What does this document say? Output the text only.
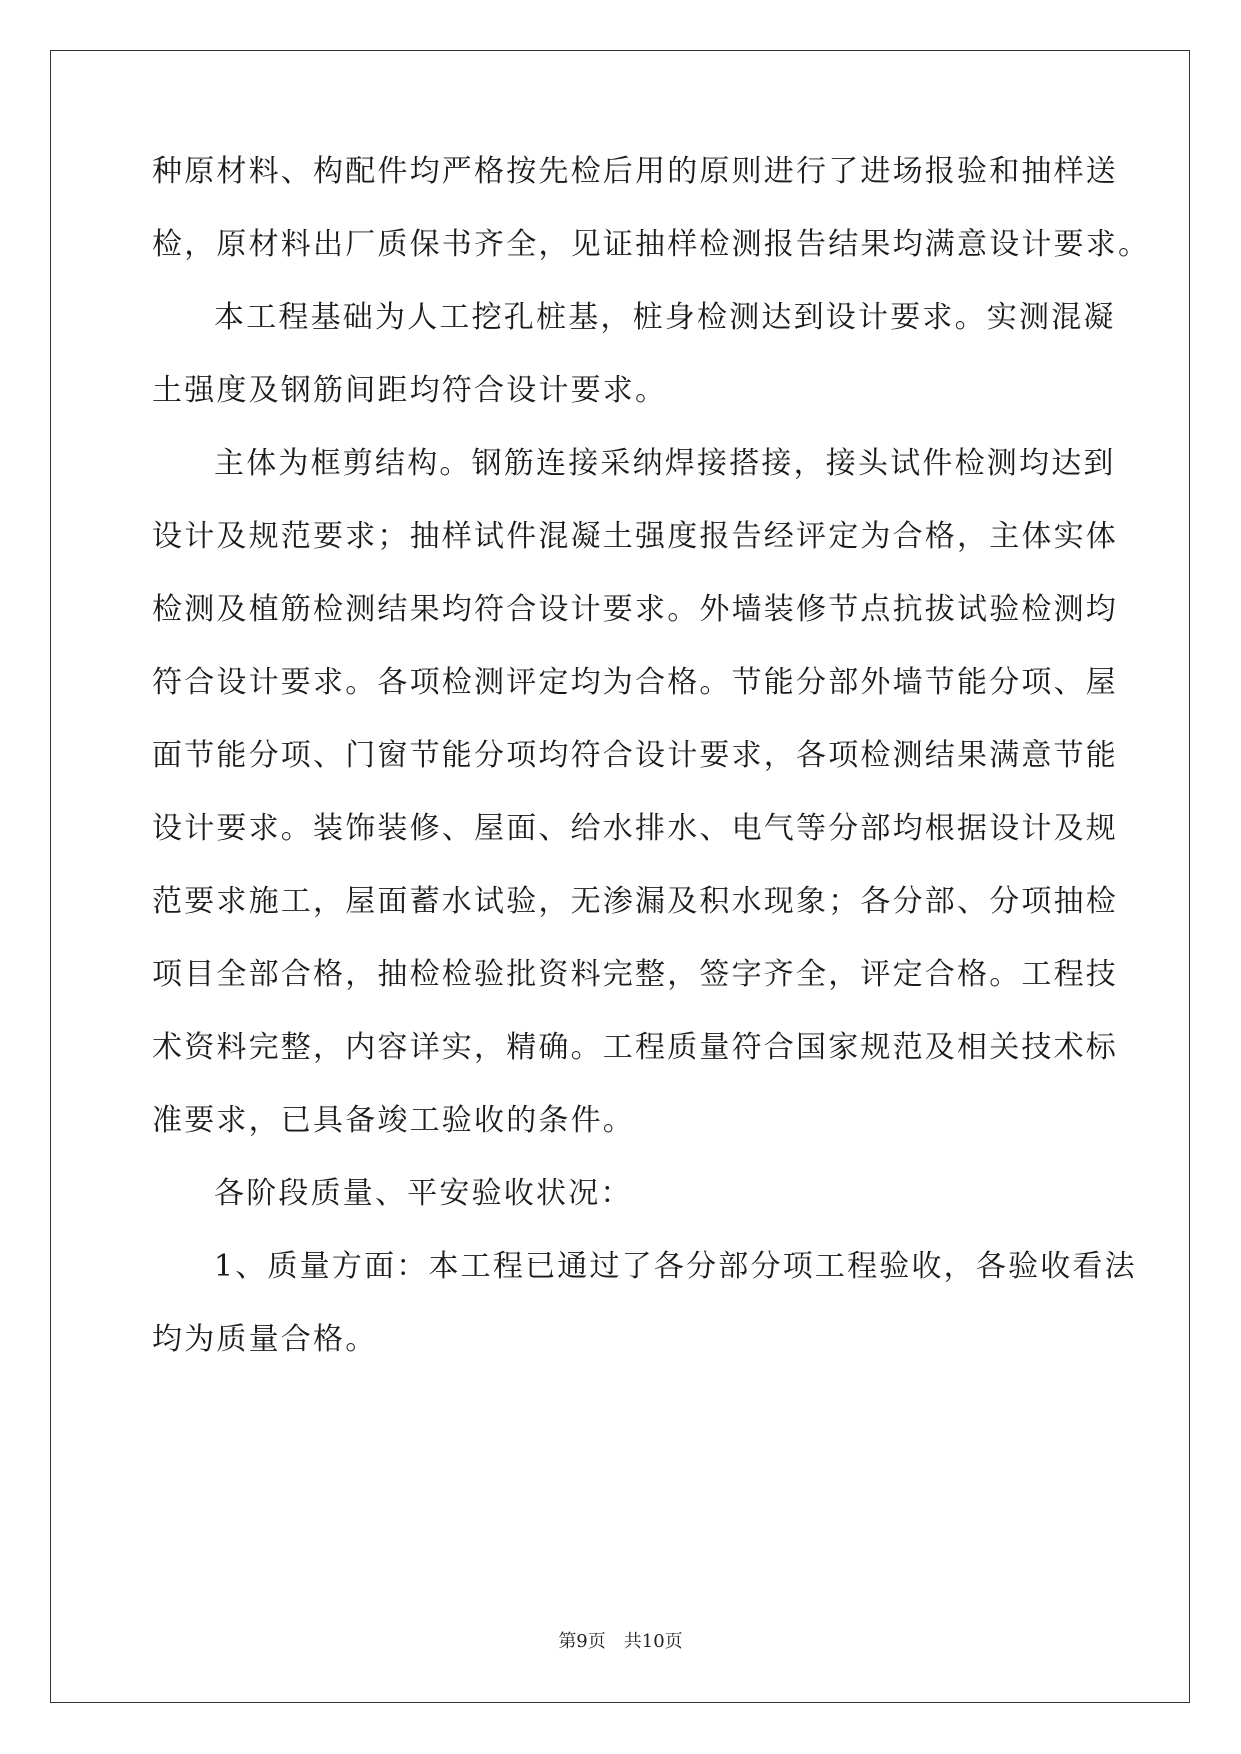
种原材料、构配件均严格按先检后用的原则进行了进场报验和抽样送

检，原材料出厂质保书齐全，见证抽样检测报告结果均满意设计要求。

本工程基础为人工挖孔桩基，桩身检测达到设计要求。实测混凝

土强度及钢筋间距均符合设计要求。

主体为框剪结构。钢筋连接采纳焊接搭接，接头试件检测均达到

设计及规范要求；抽样试件混凝土强度报告经评定为合格，主体实体

检测及植筋检测结果均符合设计要求。外墙装修节点抗拔试验检测均

符合设计要求。各项检测评定均为合格。节能分部外墙节能分项、屋

面节能分项、门窗节能分项均符合设计要求，各项检测结果满意节能

设计要求。装饰装修、屋面、给水排水、电气等分部均根据设计及规

范要求施工，屋面蓄水试验，无渗漏及积水现象；各分部、分项抽检

项目全部合格，抽检检验批资料完整，签字齐全，评定合格。工程技

术资料完整，内容详实，精确。工程质量符合国家规范及相关技术标

准要求，已具备竣工验收的条件。

各阶段质量、平安验收状况：

1、质量方面：本工程已通过了各分部分项工程验收，各验收看法

均为质量合格。

第9页 共10页
